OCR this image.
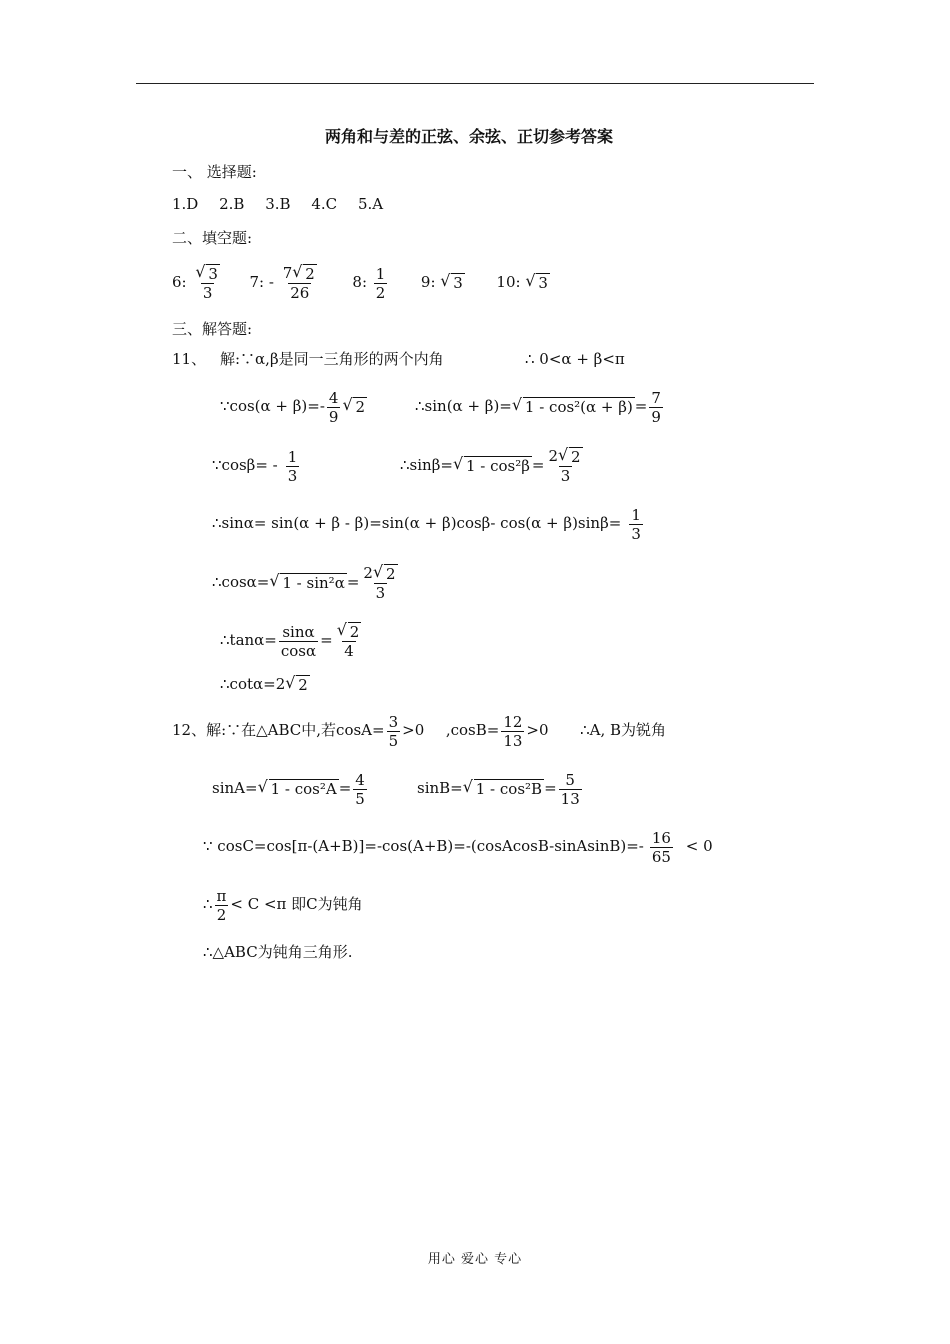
两角和与差的正弦、余弦、正切参考答案
一、 选择题:
1.D 2.B 3.B 4.C 5.A
二、填空题:
6: √ $\frac{3}{3} 7$: - $\frac{7 √ 2}{26} 8$: $\frac{1}{2} 9$: √ 3 10: √ 3
三、解答题:
11、 解:∵α,β是同一三角形的两个内角	∴ 0<α + β<π
∵cos(α + $\beta)=- \frac{4}{9}$ √ 2	∴sin(α + β)= √ $1 - \cos^2(\alpha + \beta) = \frac{7}{9}$
∵cosβ= - $\frac{1}{3}$	∴sinβ= √ $1 - \cos^2\beta = \frac{2 √ 2}{3}$
∴sinα= sin(α + β - β)=sin(α + β)cosβ- $\cos(\alpha + \beta)\sin\beta= \frac{1}{3}$
∴cosα= √ $1 - \sin^2\alpha = \frac{2 √ 2}{3}$
∴tanα= $\frac{\sin\alpha}{\cos\alpha}$ = √ $\frac{2}{4}$
∴cotα=2 √ 2
12、解:∵在△ABC中,若$\cos A= \frac{3}{5} >0$ $,\cos B= \frac{12}{13} >0$ ∴A, B为锐角
sinA= √ $1 - \cos^2A = \frac{4}{5}$	sinB= √ $1 - \cos^2B = \frac{5}{13}$
∵ cosC=cos[π-(A+B)]=-cos(A+B)=-(cosAcosB-sinAsinB)=- $\frac{16}{65} < 0$
∴ $\frac{\pi}{2} < C <\pi$ 即C为钝角
∴△ABC为钝角三角形.
用心 爱心 专心
